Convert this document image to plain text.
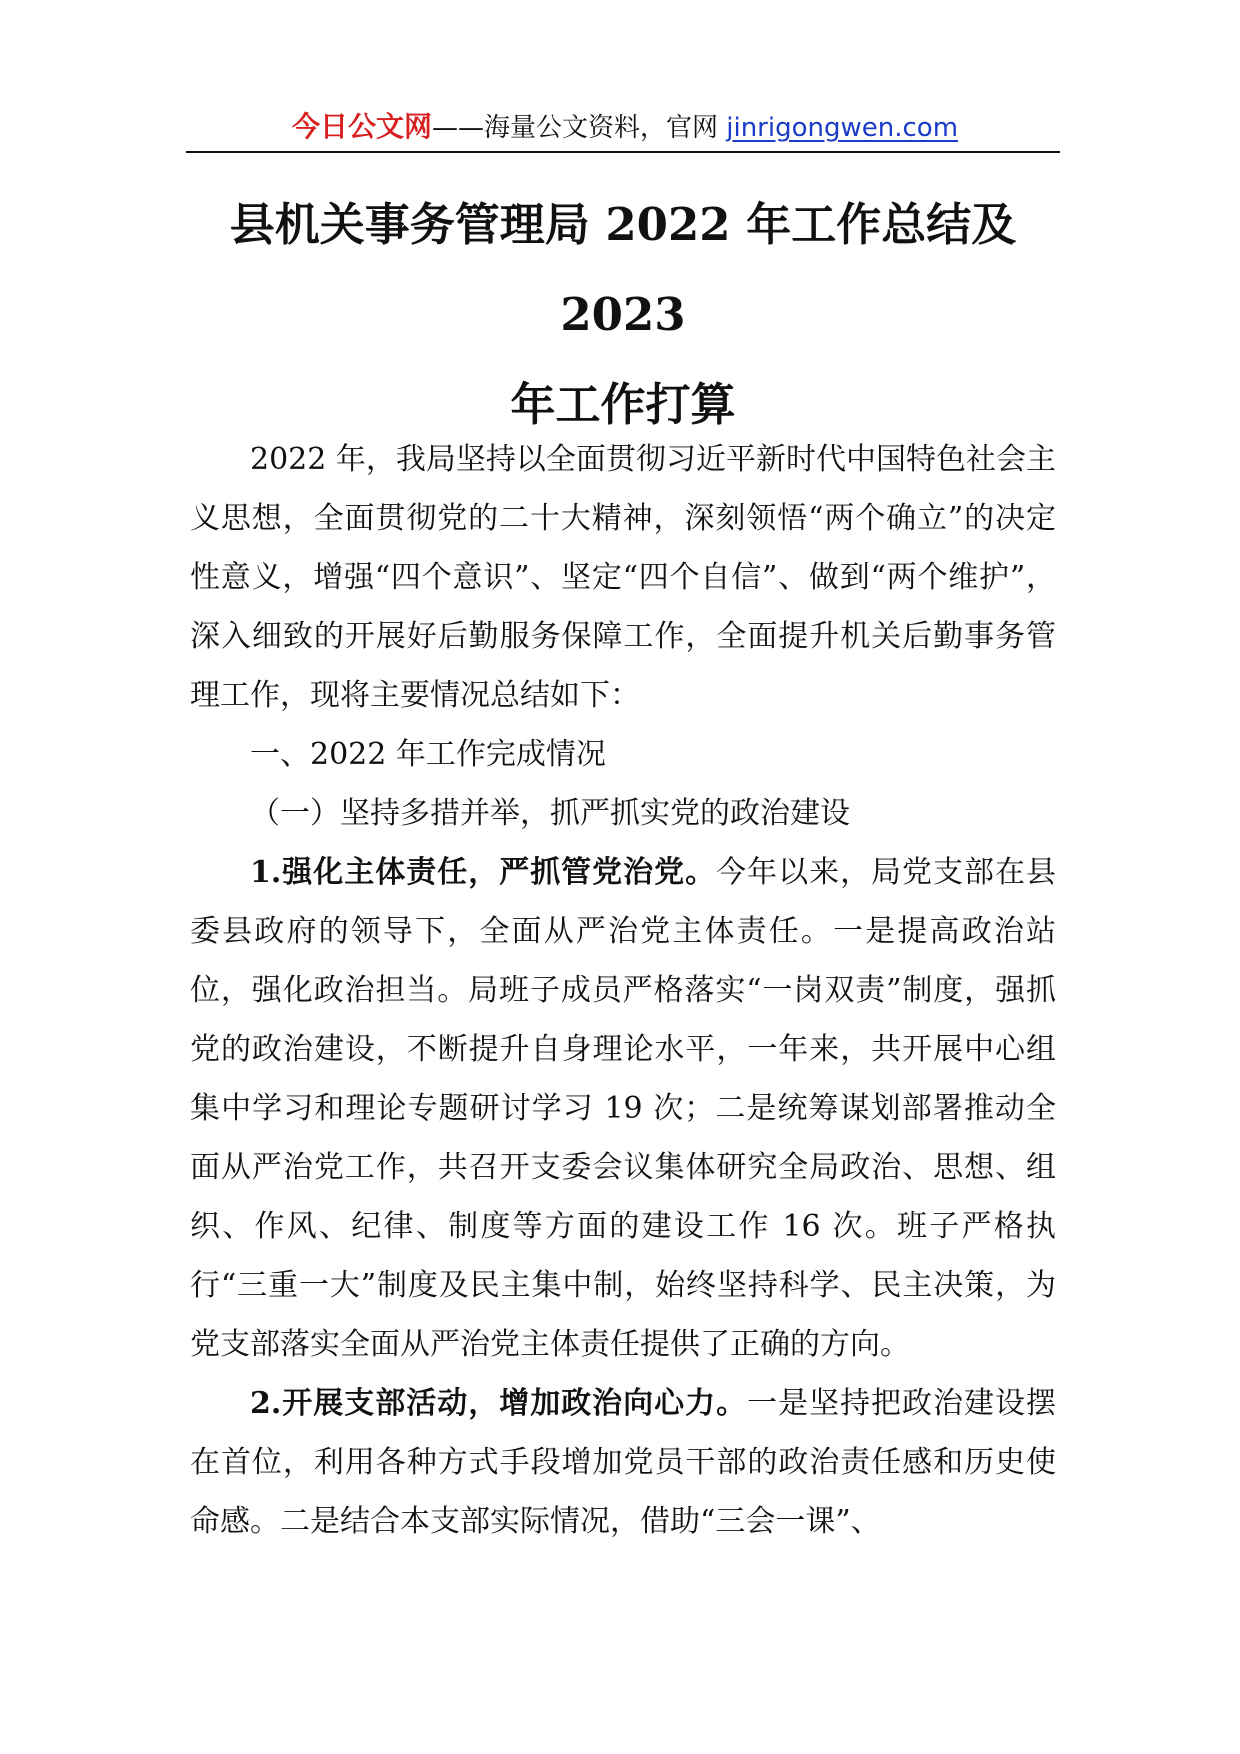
今日公文网——海量公文资料，官网 jinrigongwen.com
县机关事务管理局 2022 年工作总结及 2023
年工作打算

2022 年，我局坚持以全面贯彻习近平新时代中国特色社会主义思想，全面贯彻党的二十大精神，深刻领悟“两个确立”的决定性意义，增强“四个意识”、坚定“四个自信”、做到“两个维护”，深入细致的开展好后勤服务保障工作，全面提升机关后勤事务管理工作，现将主要情况总结如下：

一、2022 年工作完成情况

（一）坚持多措并举，抓严抓实党的政治建设

1.强化主体责任，严抓管党治党。今年以来，局党支部在县委县政府的领导下，全面从严治党主体责任。一是提高政治站位，强化政治担当。局班子成员严格落实“一岗双责”制度，强抓党的政治建设，不断提升自身理论水平，一年来，共开展中心组集中学习和理论专题研讨学习 19 次；二是统筹谋划部署推动全面从严治党工作，共召开支委会议集体研究全局政治、思想、组织、作风、纪律、制度等方面的建设工作 16 次。班子严格执行“三重一大”制度及民主集中制，始终坚持科学、民主决策，为党支部落实全面从严治党主体责任提供了正确的方向。

2.开展支部活动，增加政治向心力。一是坚持把政治建设摆在首位，利用各种方式手段增加党员干部的政治责任感和历史使命感。二是结合本支部实际情况，借助“三会一课”、
